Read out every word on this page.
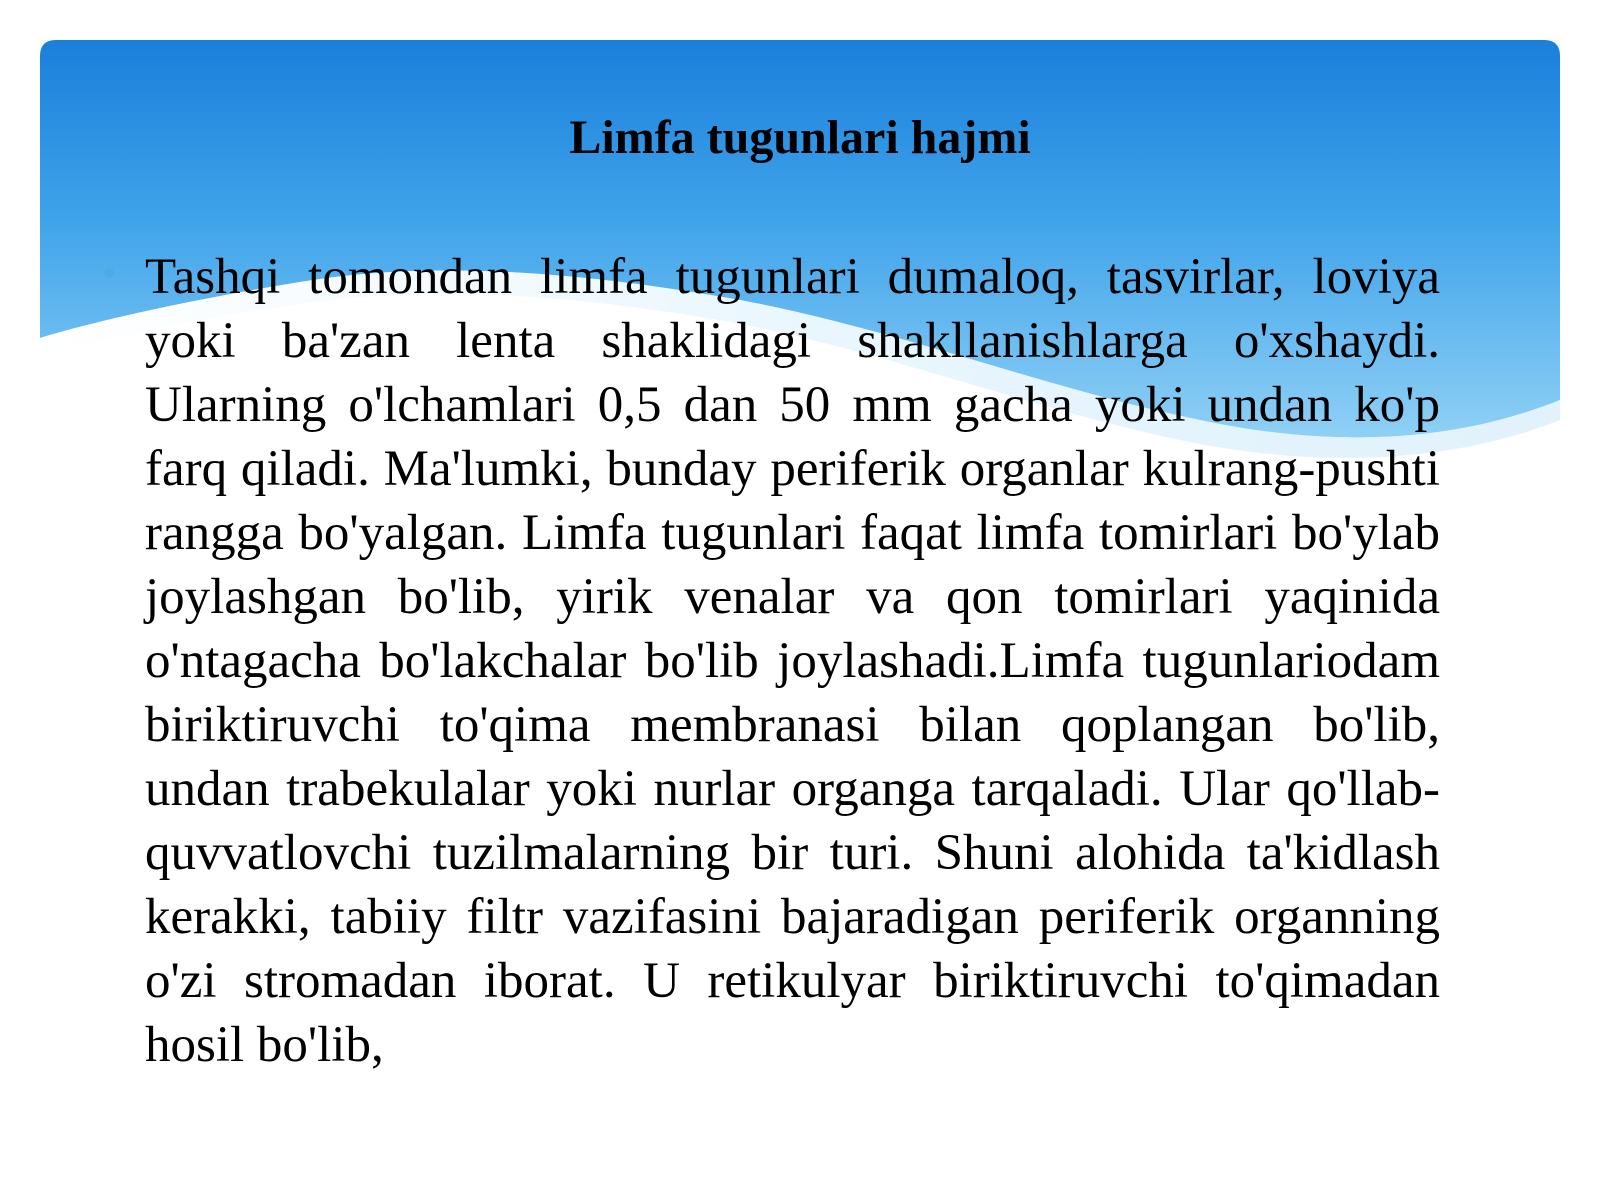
Limfa tugunlari hajmi

Tashqi tomondan limfa tugunlari dumaloq, tasvirlar, loviya yoki ba'zan lenta shaklidagi shakllanishlarga o'xshaydi. Ularning o'lchamlari 0,5 dan 50 mm gacha yoki undan ko'p farq qiladi. Ma'lumki, bunday periferik organlar kulrang-pushti rangga bo'yalgan. Limfa tugunlari faqat limfa tomirlari bo'ylab joylashgan bo'lib, yirik venalar va qon tomirlari yaqinida o'ntagacha bo'lakchalar bo'lib joylashadi.Limfa tugunlariodam biriktiruvchi to'qima membranasi bilan qoplangan bo'lib, undan trabekulalar yoki nurlar organga tarqaladi. Ular qo'llab-quvvatlovchi tuzilmalarning bir turi. Shuni alohida ta'kidlash kerakki, tabiiy filtr vazifasini bajaradigan periferik organning o'zi stromadan iborat. U retikulyar biriktiruvchi to'qimadan hosil bo'lib,
